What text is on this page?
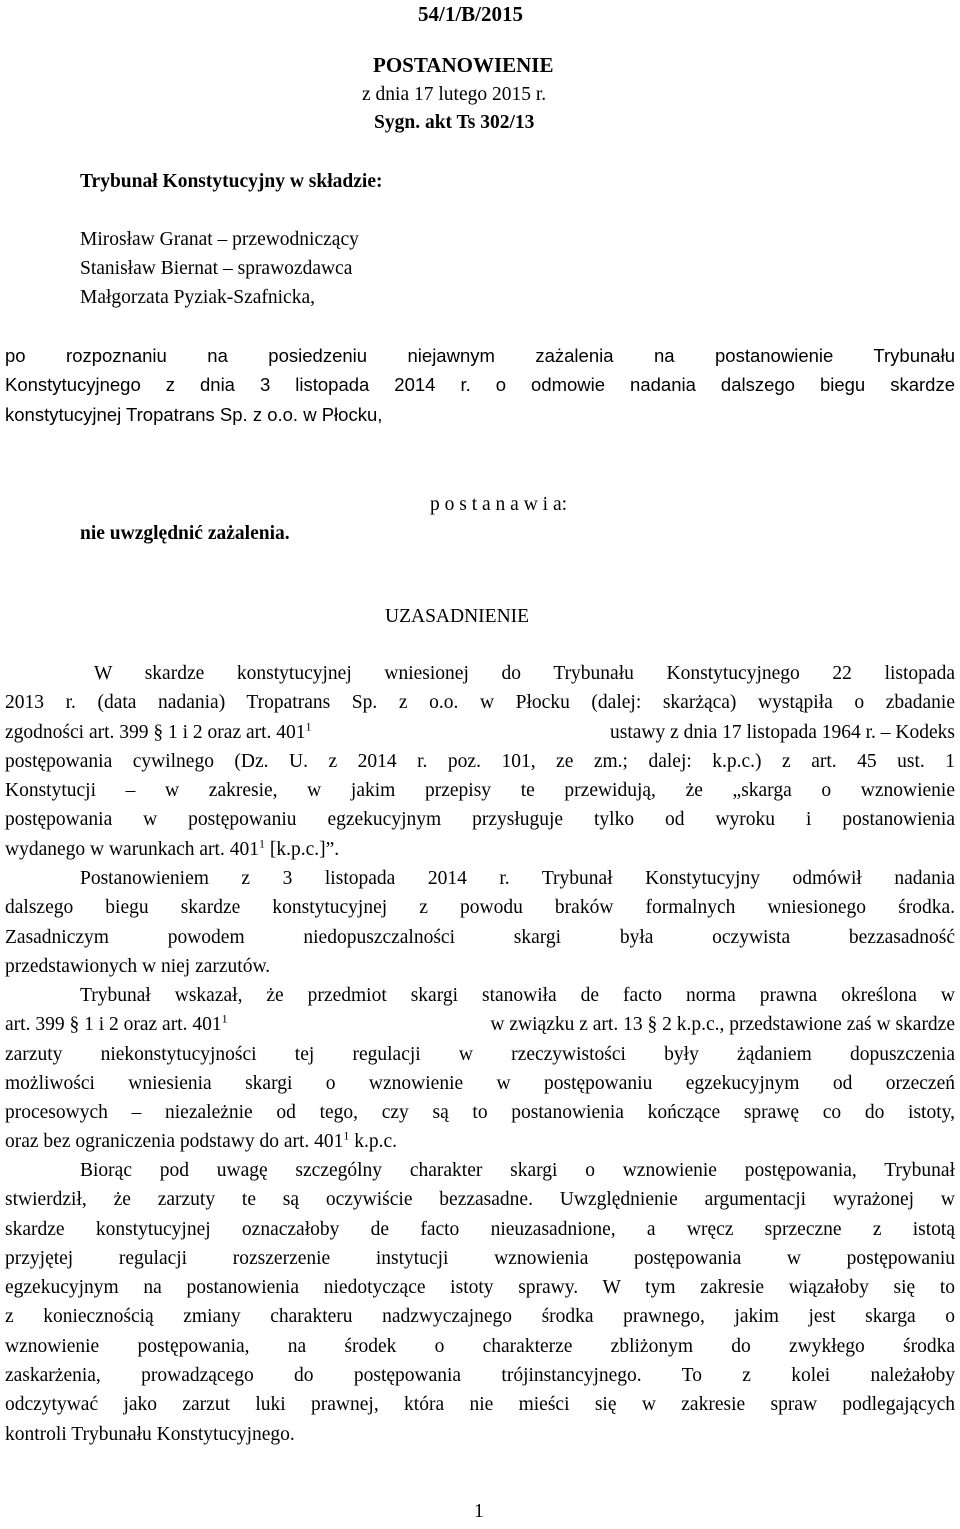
54/1/B/2015
POSTANOWIENIE
z dnia 17 lutego 2015 r.
Sygn. akt Ts 302/13
Trybunał Konstytucyjny w składzie:
Mirosław Granat – przewodniczący
Stanisław Biernat – sprawozdawca
Małgorzata Pyziak-Szafnicka,
po rozpoznaniu na posiedzeniu niejawnym zażalenia na postanowienie Trybunału
Konstytucyjnego z dnia 3 listopada 2014 r. o odmowie nadania dalszego biegu skardze
konstytucyjnej Tropatrans Sp. z o.o. w Płocku,
p o s t a n a w i a:
nie uwzględnić zażalenia.
UZASADNIENIE
W skardze konstytucyjnej wniesionej do Trybunału Konstytucyjnego 22 listopada
2013 r. (data nadania) Tropatrans Sp. z o.o. w Płocku (dalej: skarżąca) wystąpiła o zbadanie
zgodności art. 399 § 1 i 2 oraz art. $401^1$	ustawy z dnia 17 listopada 1964 r. – Kodeks
postępowania cywilnego (Dz. U. z 2014 r. poz. 101, ze zm.; dalej: k.p.c.) z art. 45 ust. 1
Konstytucji – w zakresie, w jakim przepisy te przewidują, że „skarga o wznowienie
postępowania w postępowaniu egzekucyjnym przysługuje tylko od wyroku i postanowienia
wydanego w warunkach art. $401^1$ [k.p.c.]”.
Postanowieniem z 3 listopada 2014 r. Trybunał Konstytucyjny odmówił nadania
dalszego biegu skardze konstytucyjnej z powodu braków formalnych wniesionego środka.
Zasadniczym powodem niedopuszczalności skargi była oczywista bezzasadność
przedstawionych w niej zarzutów.
Trybunał wskazał, że przedmiot skargi stanowiła de facto norma prawna określona w
art. 399 § 1 i 2 oraz art. $401^1$	w związku z art. 13 § 2 k.p.c., przedstawione zaś w skardze
zarzuty niekonstytucyjności tej regulacji w rzeczywistości były żądaniem dopuszczenia
możliwości wniesienia skargi o wznowienie w postępowaniu egzekucyjnym od orzeczeń
procesowych – niezależnie od tego, czy są to postanowienia kończące sprawę co do istoty,
oraz bez ograniczenia podstawy do art. $401^1$ k.p.c.
Biorąc pod uwagę szczególny charakter skargi o wznowienie postępowania, Trybunał
stwierdził, że zarzuty te są oczywiście bezzasadne. Uwzględnienie argumentacji wyrażonej w
skardze konstytucyjnej oznaczałoby de facto nieuzasadnione, a wręcz sprzeczne z istotą
przyjętej regulacji rozszerzenie instytucji wznowienia postępowania w postępowaniu
egzekucyjnym na postanowienia niedotyczące istoty sprawy. W tym zakresie wiązałoby się to
z koniecznością zmiany charakteru nadzwyczajnego środka prawnego, jakim jest skarga o
wznowienie postępowania, na środek o charakterze zbliżonym do zwykłego środka
zaskarżenia, prowadzącego do postępowania trójinstancyjnego. To z kolei należałoby
odczytywać jako zarzut luki prawnej, która nie mieści się w zakresie spraw podlegających
kontroli Trybunału Konstytucyjnego.
1
